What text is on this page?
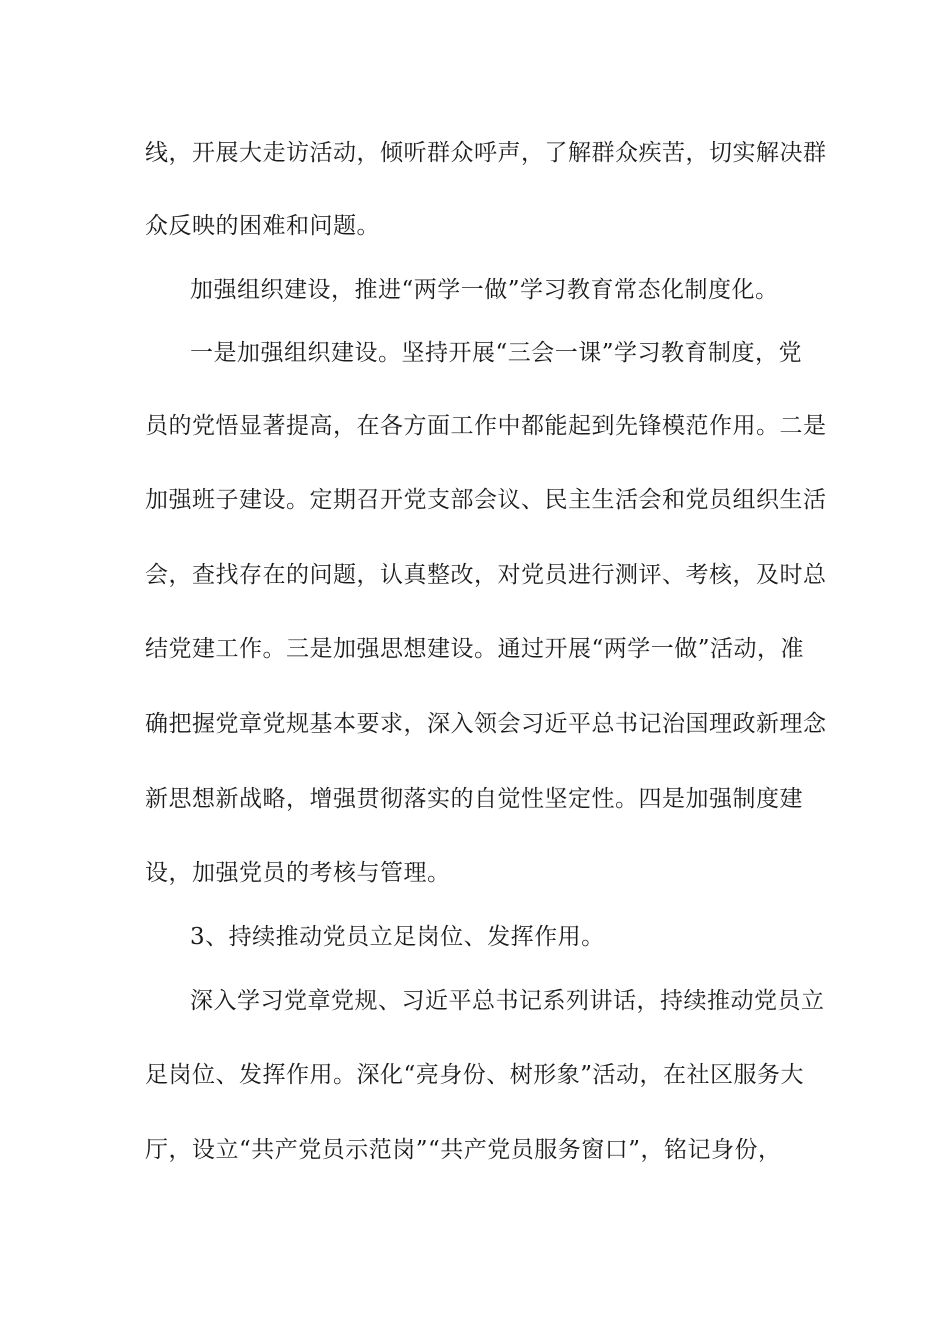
线，开展大走访活动，倾听群众呼声，了解群众疾苦，切实解决群
众反映的困难和问题。
加强组织建设，推进“两学一做”学习教育常态化制度化。
一是加强组织建设。坚持开展“三会一课”学习教育制度，党
员的党悟显著提高，在各方面工作中都能起到先锋模范作用。二是
加强班子建设。定期召开党支部会议、民主生活会和党员组织生活
会，查找存在的问题，认真整改，对党员进行测评、考核，及时总
结党建工作。三是加强思想建设。通过开展“两学一做”活动，准
确把握党章党规基本要求，深入领会习近平总书记治国理政新理念
新思想新战略，增强贯彻落实的自觉性坚定性。四是加强制度建
设，加强党员的考核与管理。
3、持续推动党员立足岗位、发挥作用。
深入学习党章党规、习近平总书记系列讲话，持续推动党员立
足岗位、发挥作用。深化“亮身份、树形象”活动，在社区服务大
厅，设立“共产党员示范岗”“共产党员服务窗口”，铭记身份，
